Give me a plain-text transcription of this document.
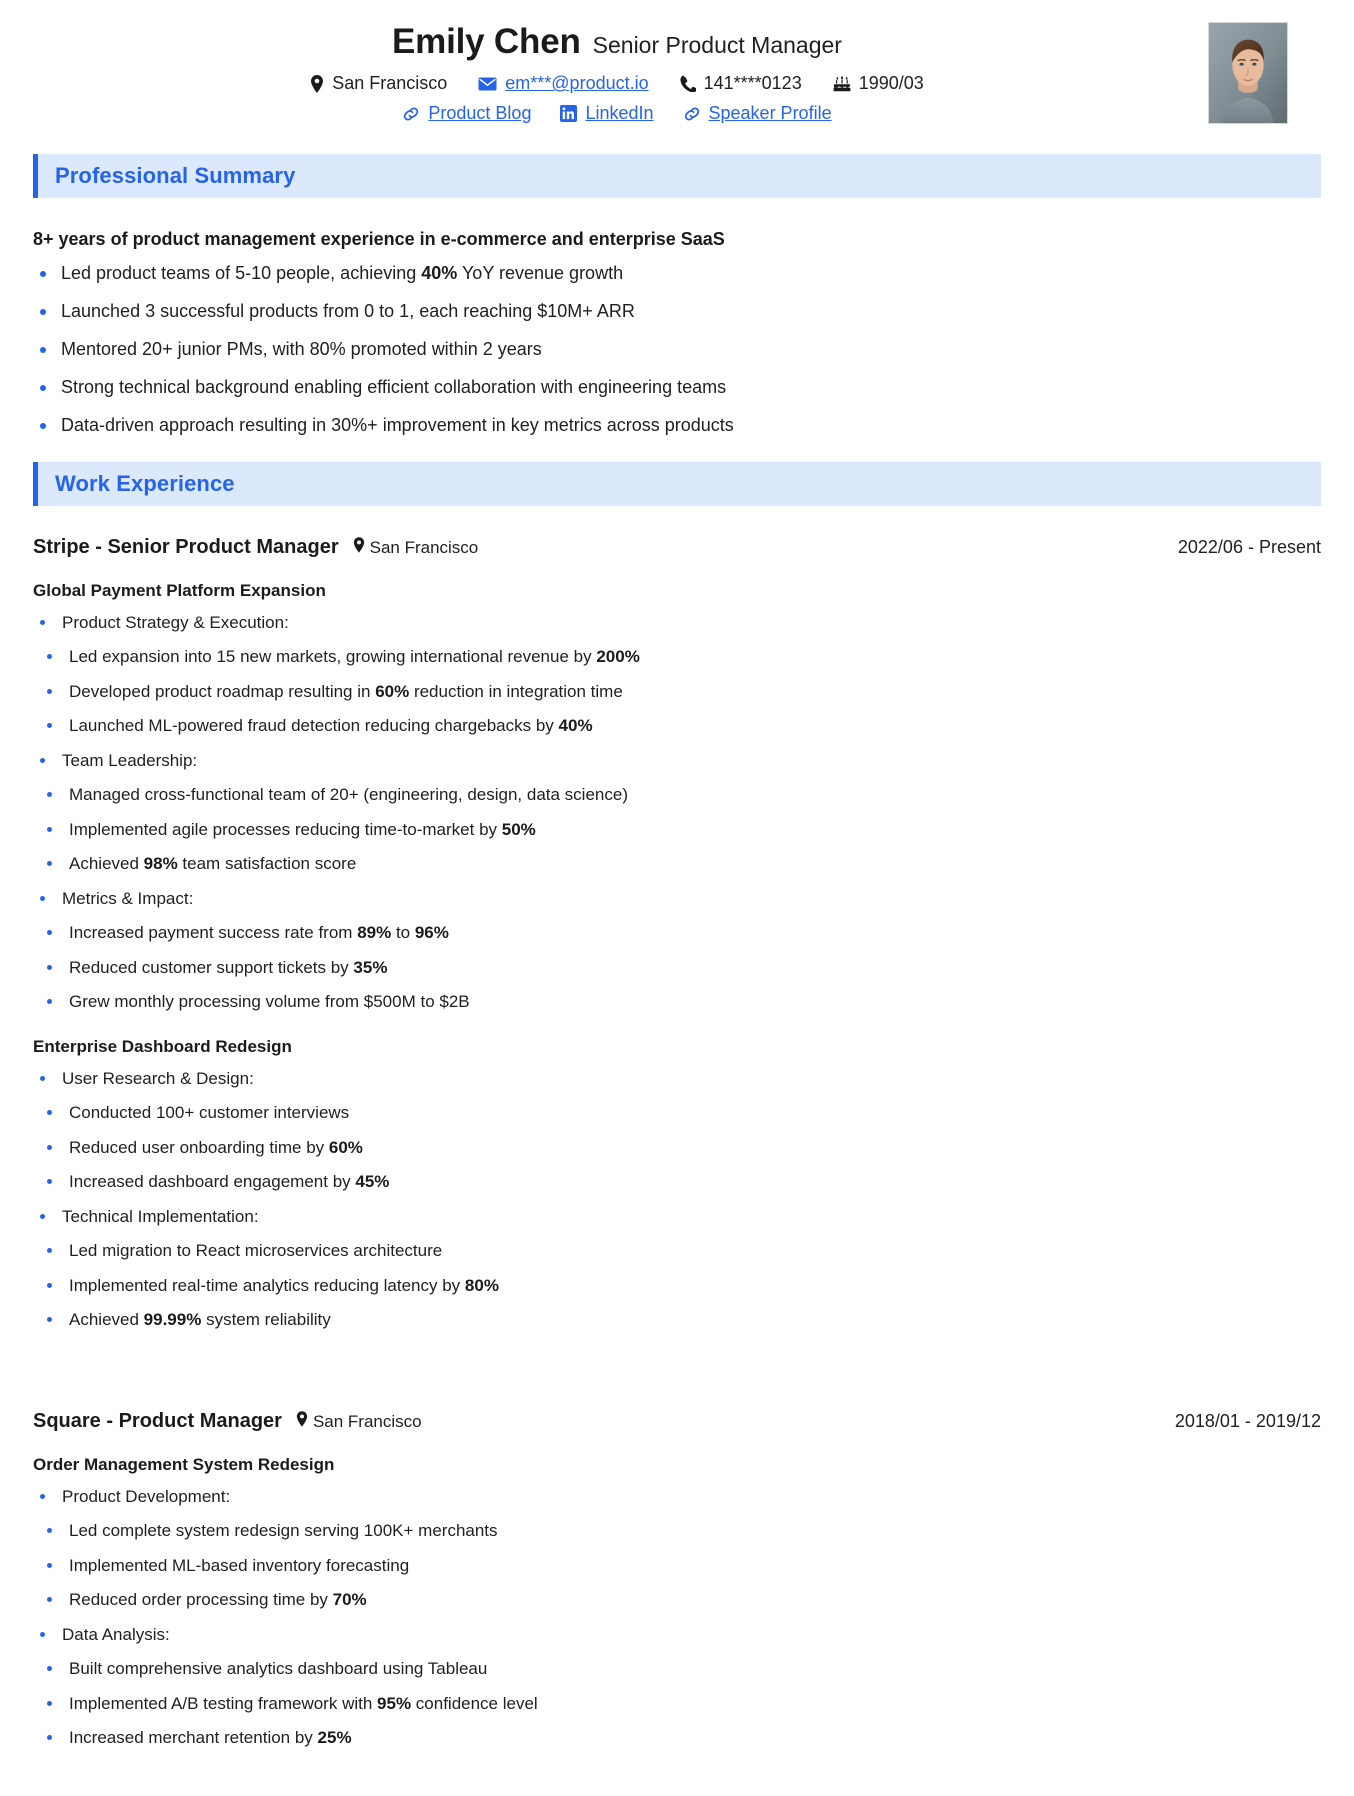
Emily Chen Senior Product Manager
San Francisco	em***@product.io	141****0123	1990/03
Product Blog	LinkedIn	Speaker Profile
Professional Summary
8+ years of product management experience in e-commerce and enterprise SaaS
Led product teams of 5-10 people, achieving 40% YoY revenue growth
Launched 3 successful products from 0 to 1, each reaching $10M+ ARR
Mentored 20+ junior PMs, with 80% promoted within 2 years
Strong technical background enabling efficient collaboration with engineering teams
Data-driven approach resulting in 30%+ improvement in key metrics across products
Work Experience
Stripe - Senior Product Manager San Francisco	2022/06 - Present
Global Payment Platform Expansion
Product Strategy & Execution:
Led expansion into 15 new markets, growing international revenue by 200%
Developed product roadmap resulting in 60% reduction in integration time
Launched ML-powered fraud detection reducing chargebacks by 40%
Team Leadership:
Managed cross-functional team of 20+ (engineering, design, data science)
Implemented agile processes reducing time-to-market by 50%
Achieved 98% team satisfaction score
Metrics & Impact:
Increased payment success rate from 89% to 96%
Reduced customer support tickets by 35%
Grew monthly processing volume from $500M to $2B
Enterprise Dashboard Redesign
User Research & Design:
Conducted 100+ customer interviews
Reduced user onboarding time by 60%
Increased dashboard engagement by 45%
Technical Implementation:
Led migration to React microservices architecture
Implemented real-time analytics reducing latency by 80%
Achieved 99.99% system reliability
Square - Product Manager San Francisco	2018/01 - 2019/12
Order Management System Redesign
Product Development:
Led complete system redesign serving 100K+ merchants
Implemented ML-based inventory forecasting
Reduced order processing time by 70%
Data Analysis:
Built comprehensive analytics dashboard using Tableau
Implemented A/B testing framework with 95% confidence level
Increased merchant retention by 25%
